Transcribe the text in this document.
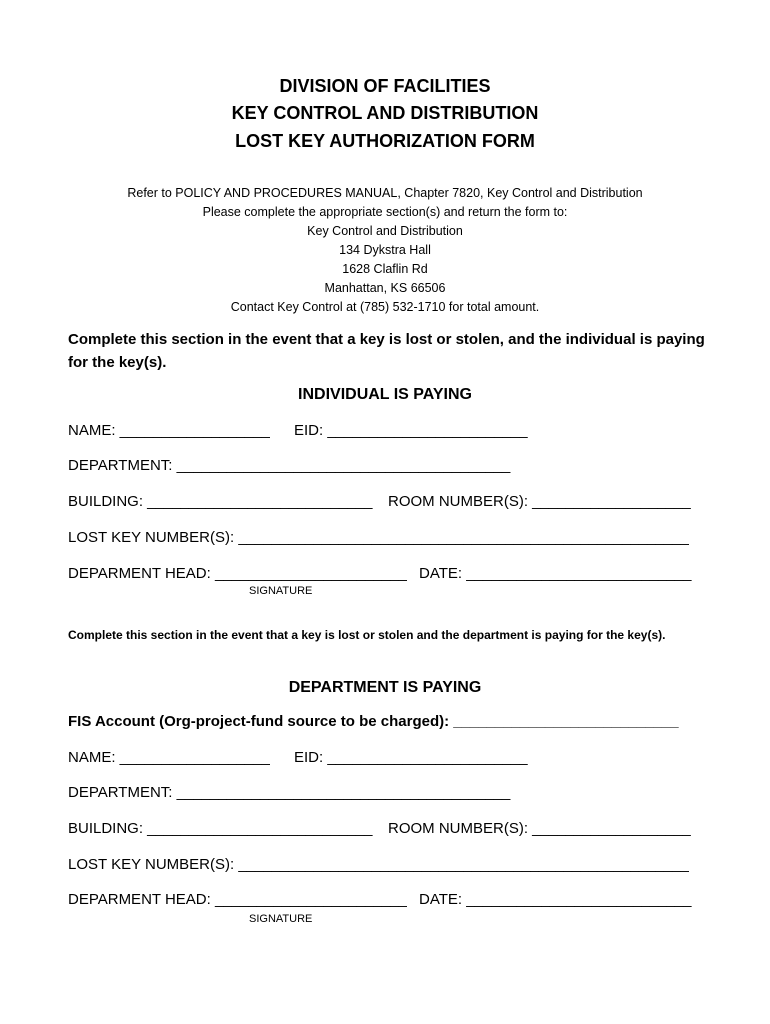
DIVISION OF FACILITIES
KEY CONTROL AND DISTRIBUTION
LOST KEY AUTHORIZATION FORM
Refer to POLICY AND PROCEDURES MANUAL, Chapter 7820, Key Control and Distribution
Please complete the appropriate section(s) and return the form to:
Key Control and Distribution
134 Dykstra Hall
1628 Claflin Rd
Manhattan, KS 66506
Contact Key Control at (785) 532-1710 for total amount.
Complete this section in the event that a key is lost or stolen, and the individual is paying for the key(s).
INDIVIDUAL IS PAYING
NAME: __________________ EID: ________________________
DEPARTMENT: ________________________________________
BUILDING: ___________________________ ROOM NUMBER(S): ___________________
LOST KEY NUMBER(S): ______________________________________________________
DEPARMENT HEAD: _______________________ DATE: ___________________________
SIGNATURE
Complete this section in the event that a key is lost or stolen and the department is paying for the key(s).
DEPARTMENT IS PAYING
FIS Account (Org-project-fund source to be charged): ___________________________
NAME: __________________ EID: ________________________
DEPARTMENT: ________________________________________
BUILDING: ___________________________ ROOM NUMBER(S): ___________________
LOST KEY NUMBER(S): ______________________________________________________
DEPARMENT HEAD: _______________________ DATE: ___________________________
SIGNATURE
